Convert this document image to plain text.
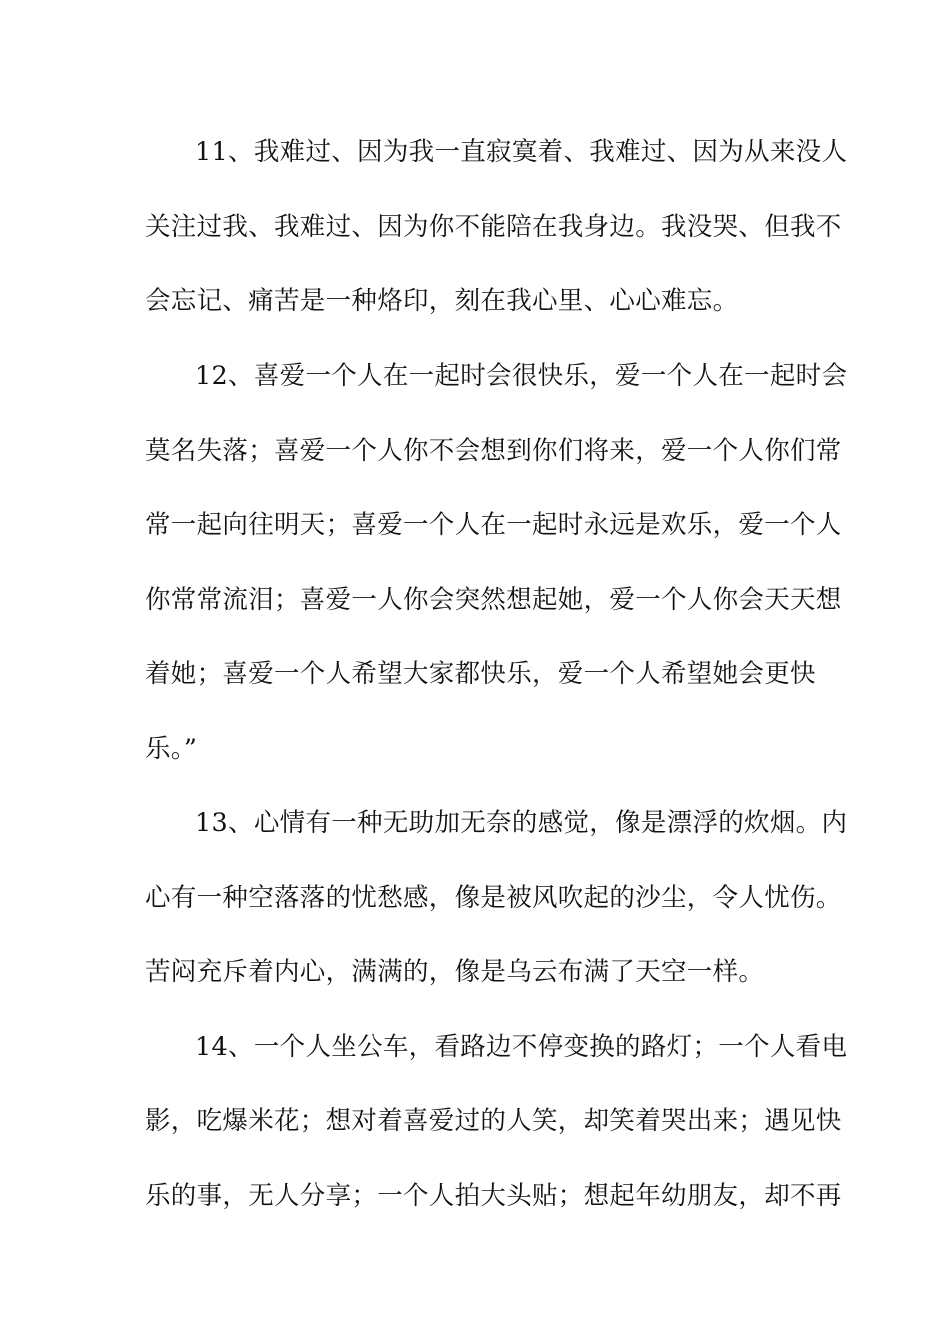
11、我难过、因为我一直寂寞着、我难过、因为从来没人
关注过我、我难过、因为你不能陪在我身边。我没哭、但我不
会忘记、痛苦是一种烙印，刻在我心里、心心难忘。
12、喜爱一个人在一起时会很快乐，爱一个人在一起时会
莫名失落；喜爱一个人你不会想到你们将来，爱一个人你们常
常一起向往明天；喜爱一个人在一起时永远是欢乐，爱一个人
你常常流泪；喜爱一人你会突然想起她，爱一个人你会天天想
着她；喜爱一个人希望大家都快乐，爱一个人希望她会更快
乐。”
13、心情有一种无助加无奈的感觉，像是漂浮的炊烟。内
心有一种空落落的忧愁感，像是被风吹起的沙尘，令人忧伤。
苦闷充斥着内心，满满的，像是乌云布满了天空一样。
14、一个人坐公车，看路边不停变换的路灯；一个人看电
影，吃爆米花；想对着喜爱过的人笑，却笑着哭出来；遇见快
乐的事，无人分享；一个人拍大头贴；想起年幼朋友，却不再
